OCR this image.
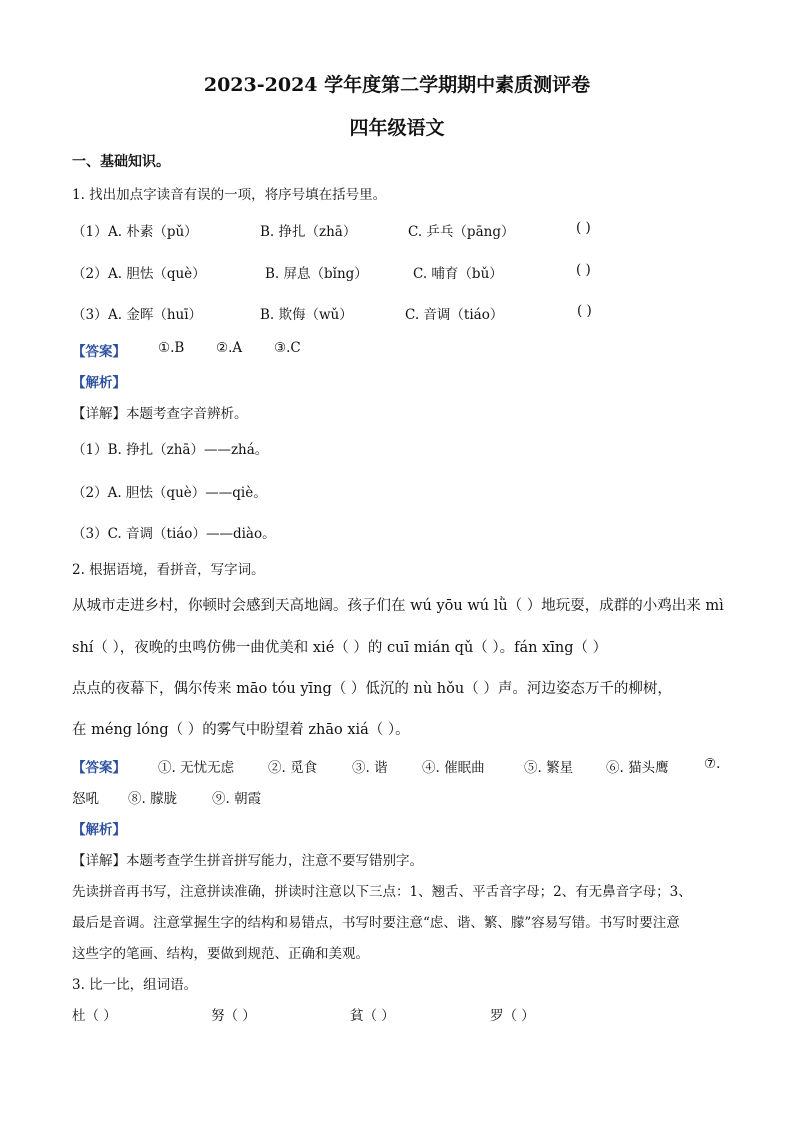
2023-2024 学年度第二学期期中素质测评卷
四年级语文
一、基础知识。
1. 找出加点字读音有误的一项，将序号填在括号里。
（1） A. 朴素（pǔ）	B. 挣扎（zhā）	C. 乒乓（pāng）	( )
（2） A. 胆怯（què）	B. 屏息（bǐng）	C. 哺育（bǔ）	( )
（3） A. 金晖（huī）	B. 欺侮（wǔ）	C. 音调（tiáo）	( )
【答案】	①.B	②.A	③.C
【解析】
【详解】本题考查字音辨析。
（1）B. 挣扎（zhā）——zhá。
（2）A. 胆怯（què）——qiè。
（3）C. 音调（tiáo）——diào。
2. 根据语境，看拼音，写字词。
从城市走进乡村，你顿时会感到天高地阔。孩子们在 wú yōu wú lǜ（ ）地玩耍，成群的小鸡出来 mì
shí（ ），夜晚的虫鸣仿佛一曲优美和 xié（ ）的 cuī mián qǔ（ ）。fán xīng（ ）
点点的夜幕下，偶尔传来 māo tóu yīng（ ）低沉的 nù hǒu（ ）声。河边姿态万千的柳树，
在 méng lóng（ ）的雾气中盼望着 zhāo xiá（ ）。
【答案】	①. 无忧无虑	②. 觅食	③. 谐	④. 催眠曲	⑤. 繁星	⑥. 猫头鹰	⑦.
怒吼	⑧. 朦胧	⑨. 朝霞
【解析】
【详解】本题考查学生拼音拼写能力，注意不要写错别字。
先读拼音再书写，注意拼读准确，拼读时注意以下三点：1、翘舌、平舌音字母；2、有无鼻音字母；3、
最后是音调。注意掌握生字的结构和易错点，书写时要注意“虑、谐、繁、朦”容易写错。书写时要注意
这些字的笔画、结构，要做到规范、正确和美观。
3. 比一比，组词语。
杜（ ）	努（ ）	貧（ ）	罗（ ）
